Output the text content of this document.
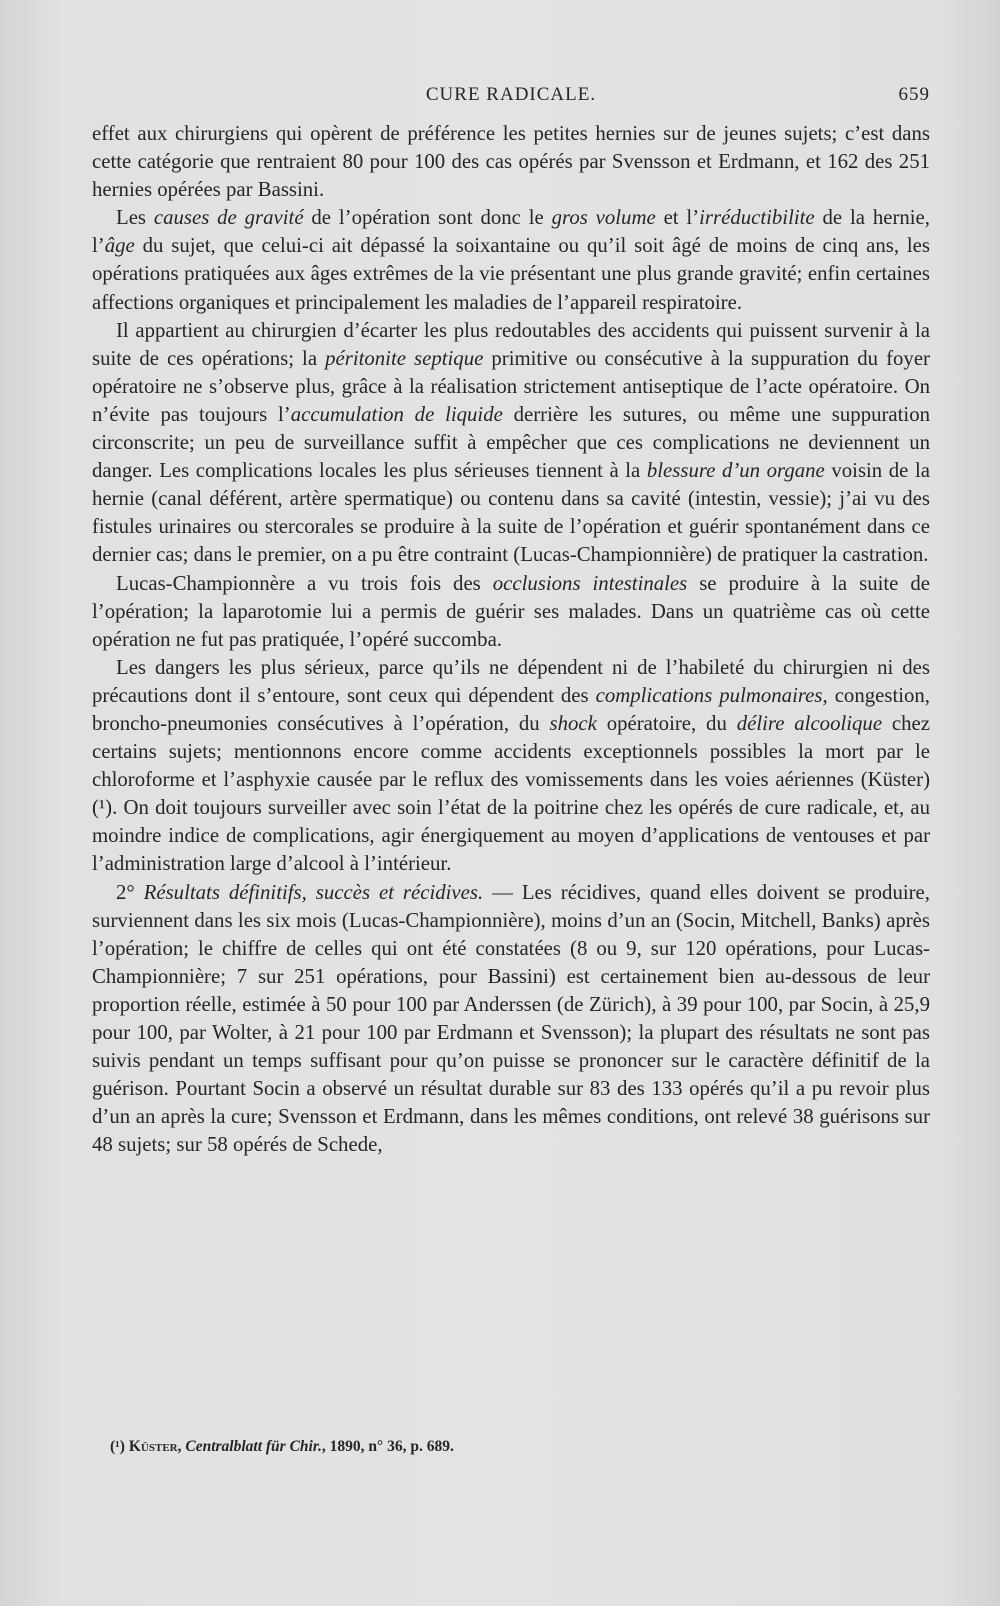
CURE RADICALE.	659

effet aux chirurgiens qui opèrent de préférence les petites hernies sur de jeunes sujets; c’est dans cette catégorie que rentraient 80 pour 100 des cas opérés par Svensson et Erdmann, et 162 des 251 hernies opérées par Bassini.

Les causes de gravité de l’opération sont donc le gros volume et l’irréductibilite de la hernie, l’âge du sujet, que celui-ci ait dépassé la soixantaine ou qu’il soit âgé de moins de cinq ans, les opérations pratiquées aux âges extrêmes de la vie présentant une plus grande gravité; enfin certaines affections organiques et principalement les maladies de l’appareil respiratoire.

Il appartient au chirurgien d’écarter les plus redoutables des accidents qui puissent survenir à la suite de ces opérations; la péritonite septique primitive ou consécutive à la suppuration du foyer opératoire ne s’observe plus, grâce à la réalisation strictement antiseptique de l’acte opératoire. On n’évite pas toujours l’accumulation de liquide derrière les sutures, ou même une suppuration circonscrite; un peu de surveillance suffit à empêcher que ces complications ne deviennent un danger. Les complications locales les plus sérieuses tiennent à la blessure d’un organe voisin de la hernie (canal déférent, artère spermatique) ou contenu dans sa cavité (intestin, vessie); j’ai vu des fistules urinaires ou stercorales se produire à la suite de l’opération et guérir spontanément dans ce dernier cas; dans le premier, on a pu être contraint (Lucas-Championnière) de pratiquer la castration.

Lucas-Championnère a vu trois fois des occlusions intestinales se produire à la suite de l’opération; la laparotomie lui a permis de guérir ses malades. Dans un quatrième cas où cette opération ne fut pas pratiquée, l’opéré succomba.

Les dangers les plus sérieux, parce qu’ils ne dépendent ni de l’habileté du chirurgien ni des précautions dont il s’entoure, sont ceux qui dépendent des complications pulmonaires, congestion, broncho-pneumonies consécutives à l’opération, du shock opératoire, du délire alcoolique chez certains sujets; mentionnons encore comme accidents exceptionnels possibles la mort par le chloroforme et l’asphyxie causée par le reflux des vomissements dans les voies aériennes (Küster)(¹). On doit toujours surveiller avec soin l’état de la poitrine chez les opérés de cure radicale, et, au moindre indice de complications, agir énergiquement au moyen d’applications de ventouses et par l’administration large d’alcool à l’intérieur.

2° Résultats définitifs, succès et récidives. — Les récidives, quand elles doivent se produire, surviennent dans les six mois (Lucas-Championnière), moins d’un an (Socin, Mitchell, Banks) après l’opération; le chiffre de celles qui ont été constatées (8 ou 9, sur 120 opérations, pour Lucas-Championnière; 7 sur 251 opérations, pour Bassini) est certainement bien au-dessous de leur proportion réelle, estimée à 50 pour 100 par Anderssen (de Zürich), à 39 pour 100, par Socin, à 25,9 pour 100, par Wolter, à 21 pour 100 par Erdmann et Svensson); la plupart des résultats ne sont pas suivis pendant un temps suffisant pour qu’on puisse se prononcer sur le caractère définitif de la guérison. Pourtant Socin a observé un résultat durable sur 83 des 133 opérés qu’il a pu revoir plus d’un an après la cure; Svensson et Erdmann, dans les mêmes conditions, ont relevé 38 guérisons sur 48 sujets; sur 58 opérés de Schede,

(¹) Küster, Centralblatt für Chir., 1890, n° 36, p. 689.
